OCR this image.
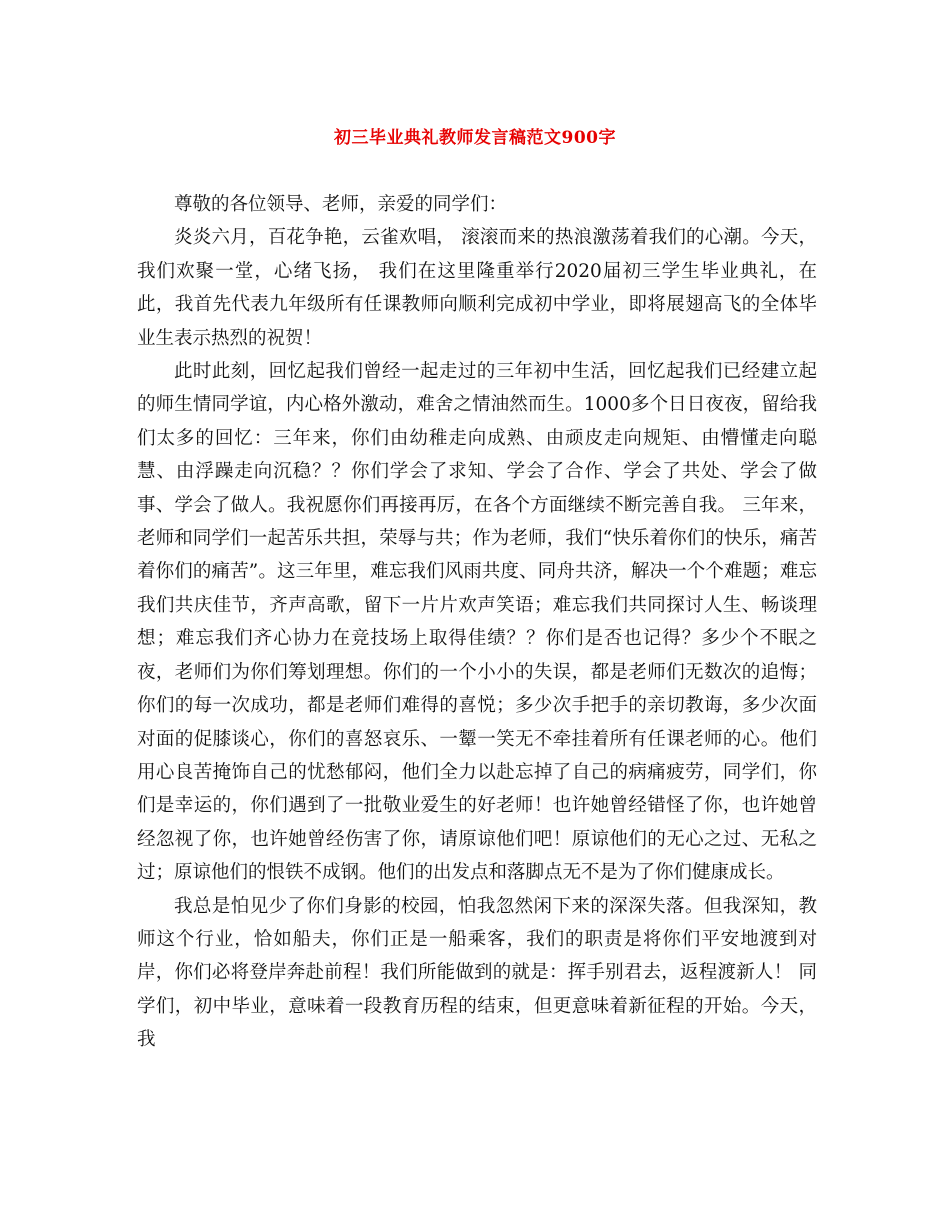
初三毕业典礼教师发言稿范文900字

尊敬的各位领导、老师，亲爱的同学们：

炎炎六月，百花争艳，云雀欢唱， 滚滚而来的热浪激荡着我们的心潮。今天，我们欢聚一堂，心绪飞扬， 我们在这里隆重举行2020届初三学生毕业典礼，在此，我首先代表九年级所有任课教师向顺利完成初中学业，即将展翅高飞的全体毕业生表示热烈的祝贺！

此时此刻，回忆起我们曾经一起走过的三年初中生活，回忆起我们已经建立起的师生情同学谊，内心格外激动，难舍之情油然而生。1000多个日日夜夜，留给我们太多的回忆：三年来，你们由幼稚走向成熟、由顽皮走向规矩、由懵懂走向聪慧、由浮躁走向沉稳？？你们学会了求知、学会了合作、学会了共处、学会了做事、学会了做人。我祝愿你们再接再厉，在各个方面继续不断完善自我。 三年来，老师和同学们一起苦乐共担，荣辱与共；作为老师，我们“快乐着你们的快乐，痛苦着你们的痛苦”。这三年里，难忘我们风雨共度、同舟共济，解决一个个难题；难忘我们共庆佳节，齐声高歌，留下一片片欢声笑语；难忘我们共同探讨人生、畅谈理想；难忘我们齐心协力在竞技场上取得佳绩？？你们是否也记得？多少个不眠之夜，老师们为你们筹划理想。你们的一个小小的失误，都是老师们无数次的追悔；你们的每一次成功，都是老师们难得的喜悦；多少次手把手的亲切教诲，多少次面对面的促膝谈心，你们的喜怒哀乐、一颦一笑无不牵挂着所有任课老师的心。他们用心良苦掩饰自己的忧愁郁闷，他们全力以赴忘掉了自己的病痛疲劳，同学们，你们是幸运的，你们遇到了一批敬业爱生的好老师！也许她曾经错怪了你，也许她曾经忽视了你，也许她曾经伤害了你，请原谅他们吧！原谅他们的无心之过、无私之过；原谅他们的恨铁不成钢。他们的出发点和落脚点无不是为了你们健康成长。

我总是怕见少了你们身影的校园，怕我忽然闲下来的深深失落。但我深知，教师这个行业，恰如船夫，你们正是一船乘客，我们的职责是将你们平安地渡到对岸，你们必将登岸奔赴前程！我们所能做到的就是：挥手别君去，返程渡新人！ 同学们，初中毕业，意味着一段教育历程的结束，但更意味着新征程的开始。今天，我
